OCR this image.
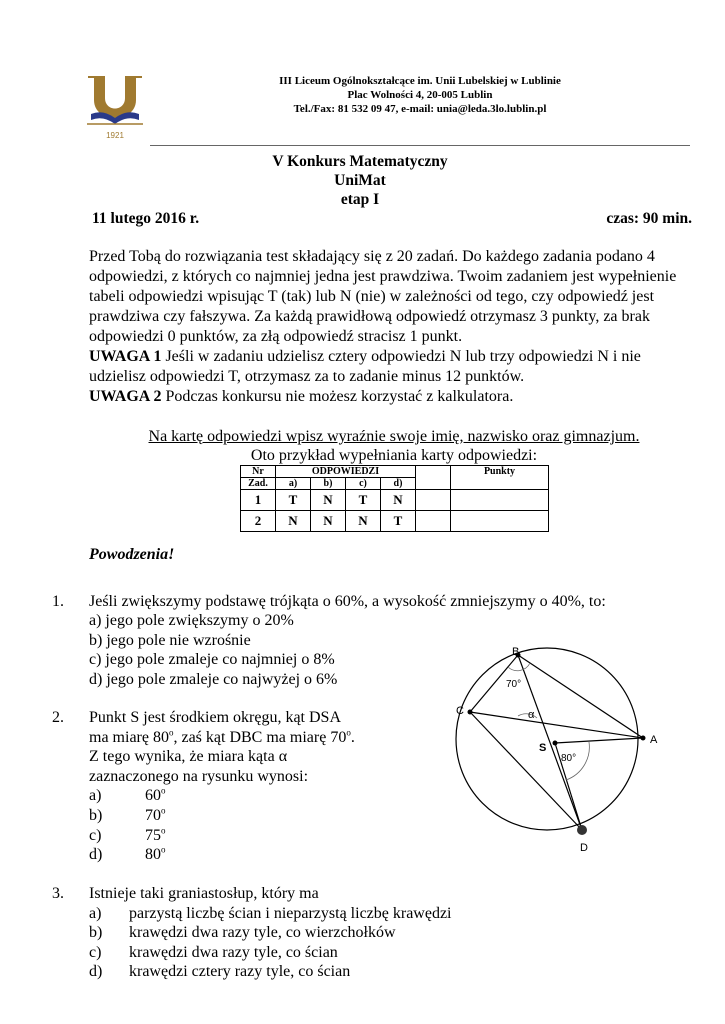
1921
III Liceum Ogólnokształcące im. Unii Lubelskiej w Lublinie
Plac Wolności 4, 20-005 Lublin
Tel./Fax: 81 532 09 47, e-mail: unia@leda.3lo.lublin.pl
V Konkurs Matematyczny
UniMat
etap I
11 lutego 2016 r.	czas: 90 min.
Przed Tobą do rozwiązania test składający się z 20 zadań. Do każdego zadania podano 4 odpowiedzi, z których co najmniej jedna jest prawdziwa. Twoim zadaniem jest wypełnienie tabeli odpowiedzi wpisując T (tak) lub N (nie) w zależności od tego, czy odpowiedź jest prawdziwa czy fałszywa. Za każdą prawidłową odpowiedź otrzymasz 3 punkty, za brak odpowiedzi 0 punktów, za złą odpowiedź stracisz 1 punkt.
UWAGA 1 Jeśli w zadaniu udzielisz cztery odpowiedzi N lub trzy odpowiedzi N i nie udzielisz odpowiedzi T, otrzymasz za to zadanie minus 12 punktów.
UWAGA 2 Podczas konkursu nie możesz korzystać z kalkulatora.
Na kartę odpowiedzi wpisz wyraźnie swoje imię, nazwisko oraz gimnazjum.
Oto przykład wypełniania karty odpowiedzi:
Nr	ODPOWIEDZI					Punkty
Zad.	a)	b)	c)	d)		
1	T	N	T	N		
2	N	N	N	T		
Powodzenia!
1. Jeśli zwiększymy podstawę trójkąta o 60%, a wysokość zmniejszymy o 40%, to:
a) jego pole zwiększymy o 20%
b) jego pole nie wzrośnie
c) jego pole zmaleje co najmniej o 8%
d) jego pole zmaleje co najwyżej o 6%
2. Punkt S jest środkiem okręgu, kąt DSA
ma miarę 80$^o$, zaś kąt DBC ma miarę 70$^o$.
Z tego wynika, że miara kąta α
zaznaczonego na rysunku wynosi:
a)	60$^o$
b)	70$^o$
c)	75$^o$
d)	80$^o$
B
C
A
S
D
70°
80°
α
3. Istnieje taki graniastosłup, który ma
a) parzystą liczbę ścian i nieparzystą liczbę krawędzi
b) krawędzi dwa razy tyle, co wierzchołków
c) krawędzi dwa razy tyle, co ścian
d) krawędzi cztery razy tyle, co ścian
